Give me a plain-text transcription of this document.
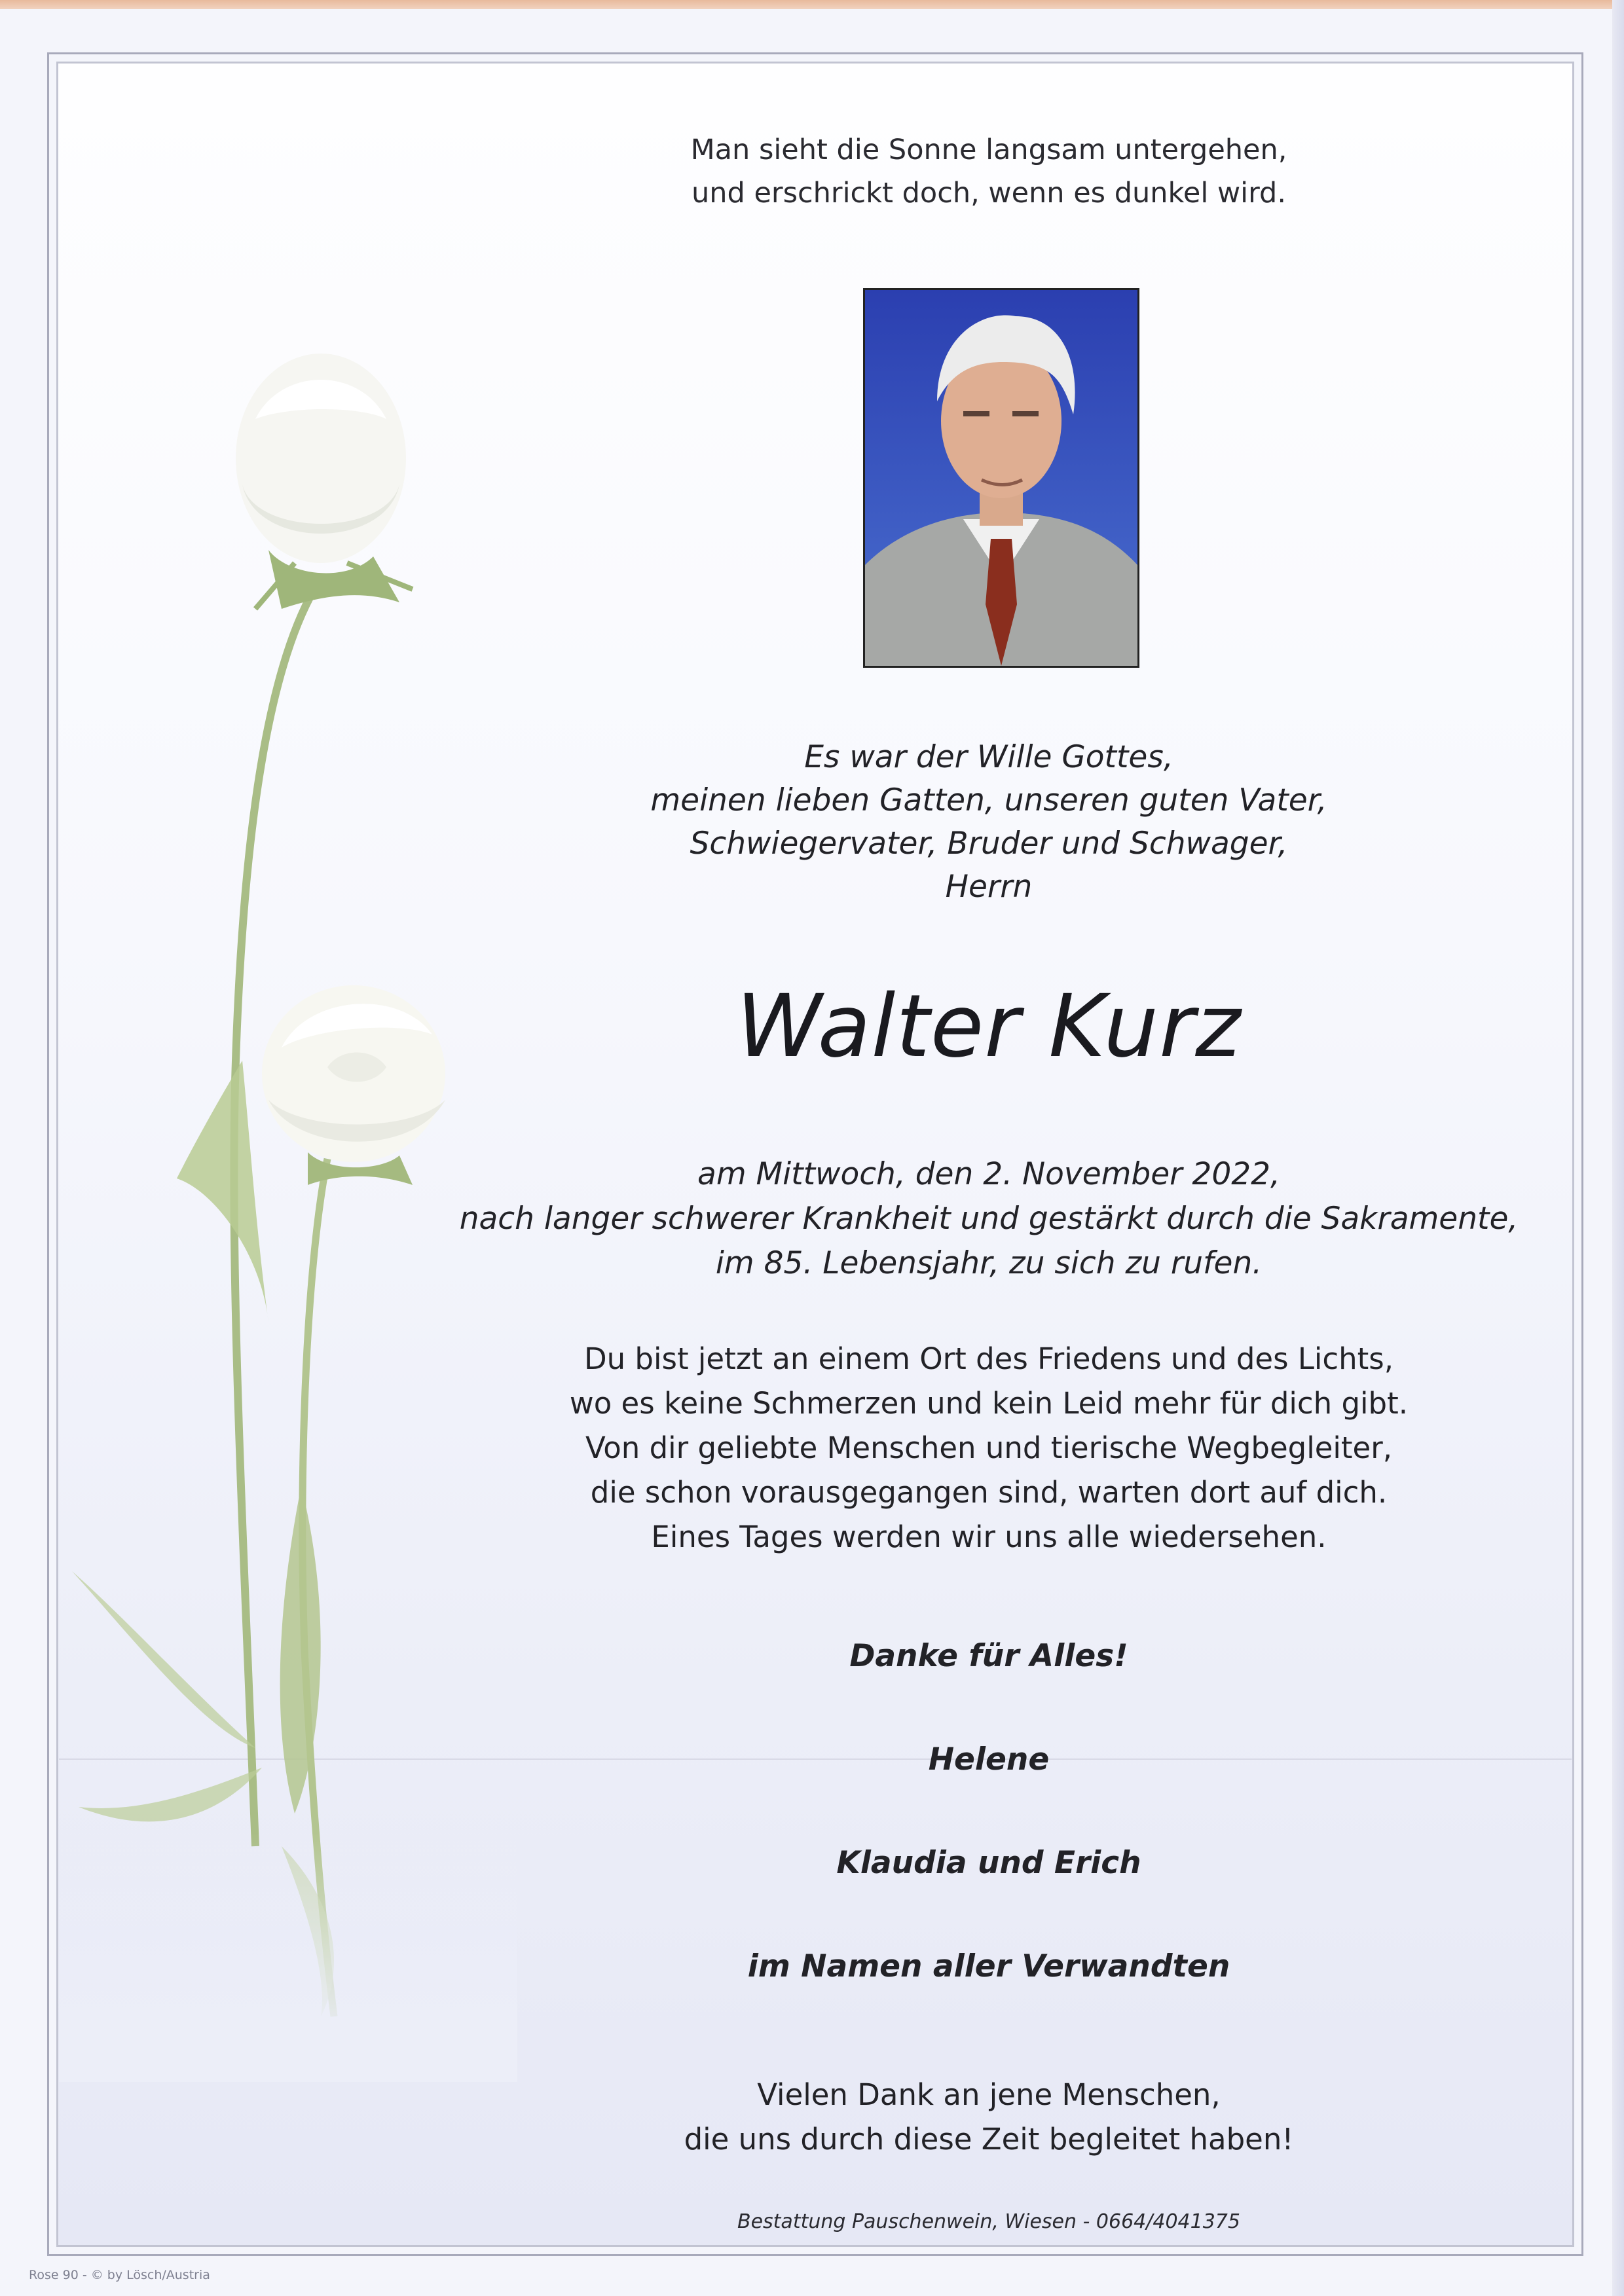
Man sieht die Sonne langsam untergehen,
und erschrickt doch, wenn es dunkel wird.
Es war der Wille Gottes,
meinen lieben Gatten, unseren guten Vater,
Schwiegervater, Bruder und Schwager,
Herrn
Walter Kurz
am Mittwoch, den 2. November 2022,
nach langer schwerer Krankheit und gestärkt durch die Sakramente,
im 85. Lebensjahr, zu sich zu rufen.
Du bist jetzt an einem Ort des Friedens und des Lichts,
wo es keine Schmerzen und kein Leid mehr für dich gibt.
Von dir geliebte Menschen und tierische Wegbegleiter,
die schon vorausgegangen sind, warten dort auf dich.
Eines Tages werden wir uns alle wiedersehen.
Danke für Alles!
Helene
Klaudia und Erich
im Namen aller Verwandten
Vielen Dank an jene Menschen,
die uns durch diese Zeit begleitet haben!
Bestattung Pauschenwein, Wiesen - 0664/4041375
Rose 90 - © by Lösch/Austria
